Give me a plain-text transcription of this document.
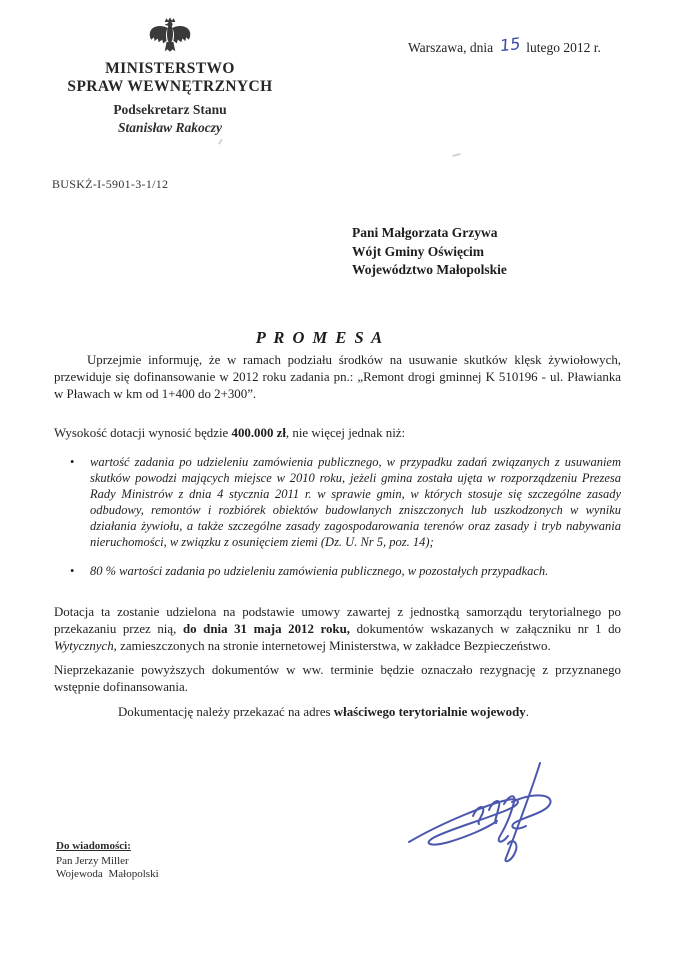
MINISTERSTWO
SPRAW WEWNĘTRZNYCH
Podsekretarz Stanu
Stanisław Rakoczy
Warszawa, dnia 15 lutego 2012 r.
BUSKŻ-I-5901-3-1/12
Pani Małgorzata Grzywa
Wójt Gminy Oświęcim
Województwo Małopolskie
P R O M E S A

Uprzejmie informuję, że w ramach podziału środków na usuwanie skutków klęsk żywiołowych, przewiduje się dofinansowanie w 2012 roku zadania pn.: „Remont drogi gminnej K 510196 - ul. Pławianka w Pławach w km od 1+400 do 2+300”.

Wysokość dotacji wynosić będzie 400.000 zł, nie więcej jednak niż:

• wartość zadania po udzieleniu zamówienia publicznego, w przypadku zadań związanych z usuwaniem skutków powodzi mających miejsce w 2010 roku, jeżeli gmina została ujęta w rozporządzeniu Prezesa Rady Ministrów z dnia 4 stycznia 2011 r. w sprawie gmin, w których stosuje się szczególne zasady odbudowy, remontów i rozbiórek obiektów budowlanych zniszczonych lub uszkodzonych w wyniku działania żywiołu, a także szczególne zasady zagospodarowania terenów oraz zasady i tryb nabywania nieruchomości, w związku z osunięciem ziemi (Dz. U. Nr 5, poz. 14);
• 80 % wartości zadania po udzieleniu zamówienia publicznego, w pozostałych przypadkach.

Dotacja ta zostanie udzielona na podstawie umowy zawartej z jednostką samorządu terytorialnego po przekazaniu przez nią, do dnia 31 maja 2012 roku, dokumentów wskazanych w załączniku nr 1 do Wytycznych, zamieszczonych na stronie internetowej Ministerstwa, w zakładce Bezpieczeństwo.

Nieprzekazanie powyższych dokumentów w ww. terminie będzie oznaczało rezygnację z przyznanego wstępnie dofinansowania.

Dokumentację należy przekazać na adres właściwego terytorialnie wojewody.

Do wiadomości:
Pan Jerzy Miller
Wojewoda Małopolski
